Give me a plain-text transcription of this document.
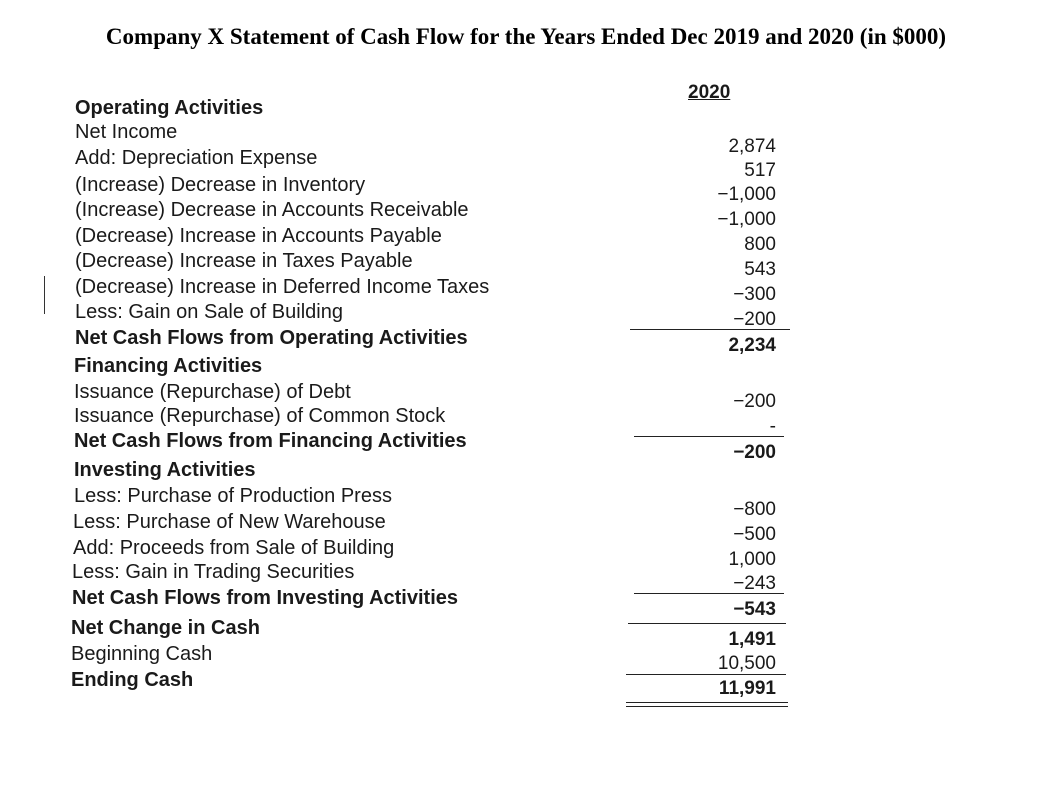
Company X Statement of Cash Flow for the Years Ended Dec 2019 and 2020 (in $000)
2020
Operating Activities
Net Income
Add: Depreciation Expense
(Increase) Decrease in Inventory
(Increase) Decrease in Accounts Receivable
(Decrease) Increase in Accounts Payable
(Decrease) Increase in Taxes Payable
(Decrease) Increase in Deferred Income Taxes
Less: Gain on Sale of Building
Net Cash Flows from Operating Activities
Financing Activities
Issuance (Repurchase) of Debt
Issuance (Repurchase) of Common Stock
Net Cash Flows from Financing Activities
Investing Activities
Less: Purchase of Production Press
Less: Purchase of New Warehouse
Add: Proceeds from Sale of Building
Less: Gain in Trading Securities
Net Cash Flows from Investing Activities
Net Change in Cash
Beginning Cash
Ending Cash
2,874
517
−1,000
−1,000
800
543
−300
−200
2,234
−200
-
−200
−800
−500
1,000
−243
−543
1,491
10,500
11,991
